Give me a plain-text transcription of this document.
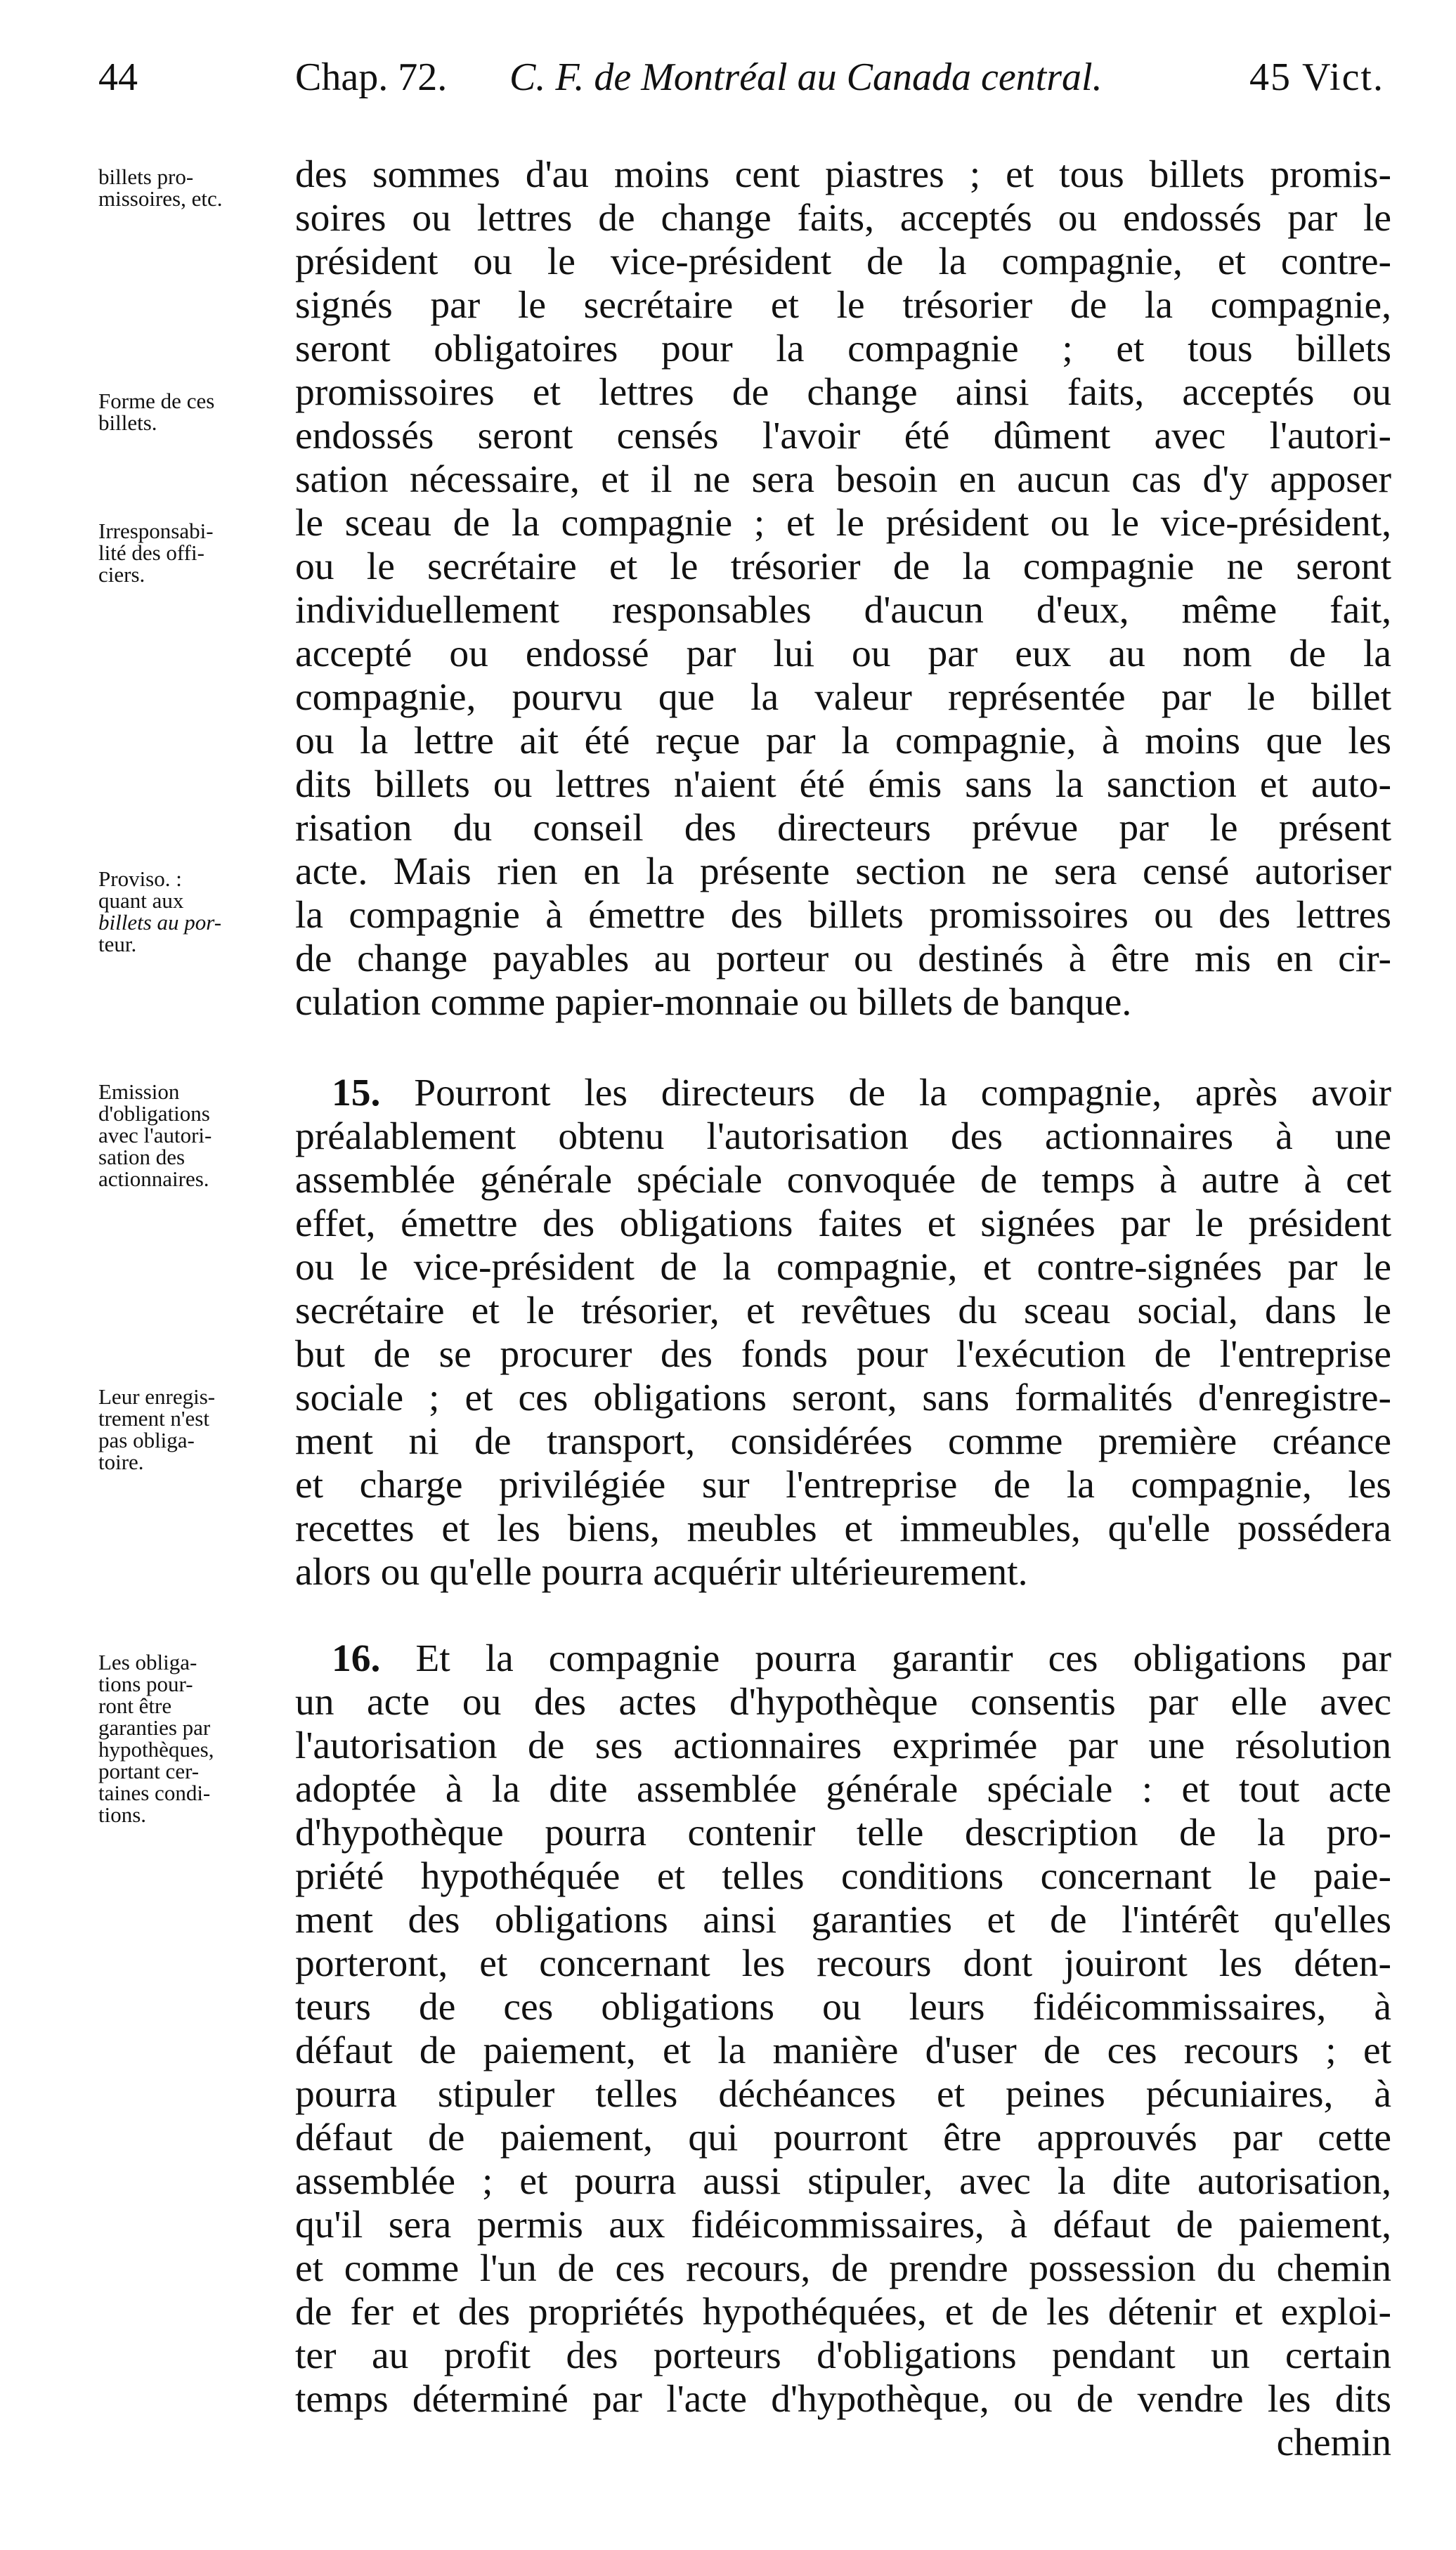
44	Chap. 72. C. F. de Montréal au Canada central.	45 Vict.
billets pro-
missoires, etc.
Forme de ces
billets.
Irresponsabi-
lité des offi-
ciers.
Proviso. :
quant aux
billets au por-
teur.
Emission
d'obligations
avec l'autori-
sation des
actionnaires.
Leur enregis-
trement n'est
pas obliga-
toire.
Les obliga-
tions pour-
ront être
garanties par
hypothèques,
portant cer-
taines condi-
tions.
des sommes d'au moins cent piastres ; et tous billets promis-
soires ou lettres de change faits, acceptés ou endossés par le
président ou le vice-président de la compagnie, et contre-
signés par le secrétaire et le trésorier de la compagnie,
seront obligatoires pour la compagnie ; et tous billets
promissoires et lettres de change ainsi faits, acceptés ou
endossés seront censés l'avoir été dûment avec l'autori-
sation nécessaire, et il ne sera besoin en aucun cas d'y apposer
le sceau de la compagnie ; et le président ou le vice-président,
ou le secrétaire et le trésorier de la compagnie ne seront
individuellement responsables d'aucun d'eux, même fait,
accepté ou endossé par lui ou par eux au nom de la
compagnie, pourvu que la valeur représentée par le billet
ou la lettre ait été reçue par la compagnie, à moins que les
dits billets ou lettres n'aient été émis sans la sanction et auto-
risation du conseil des directeurs prévue par le présent
acte. Mais rien en la présente section ne sera censé autoriser
la compagnie à émettre des billets promissoires ou des lettres
de change payables au porteur ou destinés à être mis en cir-
culation comme papier-monnaie ou billets de banque.
15. Pourront les directeurs de la compagnie, après avoir
préalablement obtenu l'autorisation des actionnaires à une
assemblée générale spéciale convoquée de temps à autre à cet
effet, émettre des obligations faites et signées par le président
ou le vice-président de la compagnie, et contre-signées par le
secrétaire et le trésorier, et revêtues du sceau social, dans le
but de se procurer des fonds pour l'exécution de l'entreprise
sociale ; et ces obligations seront, sans formalités d'enregistre-
ment ni de transport, considérées comme première créance
et charge privilégiée sur l'entreprise de la compagnie, les
recettes et les biens, meubles et immeubles, qu'elle possédera
alors ou qu'elle pourra acquérir ultérieurement.
16. Et la compagnie pourra garantir ces obligations par
un acte ou des actes d'hypothèque consentis par elle avec
l'autorisation de ses actionnaires exprimée par une résolution
adoptée à la dite assemblée générale spéciale : et tout acte
d'hypothèque pourra contenir telle description de la pro-
priété hypothéquée et telles conditions concernant le paie-
ment des obligations ainsi garanties et de l'intérêt qu'elles
porteront, et concernant les recours dont jouiront les déten-
teurs de ces obligations ou leurs fidéicommissaires, à
défaut de paiement, et la manière d'user de ces recours ; et
pourra stipuler telles déchéances et peines pécuniaires, à
défaut de paiement, qui pourront être approuvés par cette
assemblée ; et pourra aussi stipuler, avec la dite autorisation,
qu'il sera permis aux fidéicommissaires, à défaut de paiement,
et comme l'un de ces recours, de prendre possession du chemin
de fer et des propriétés hypothéquées, et de les détenir et exploi-
ter au profit des porteurs d'obligations pendant un certain
temps déterminé par l'acte d'hypothèque, ou de vendre les dits
chemin
